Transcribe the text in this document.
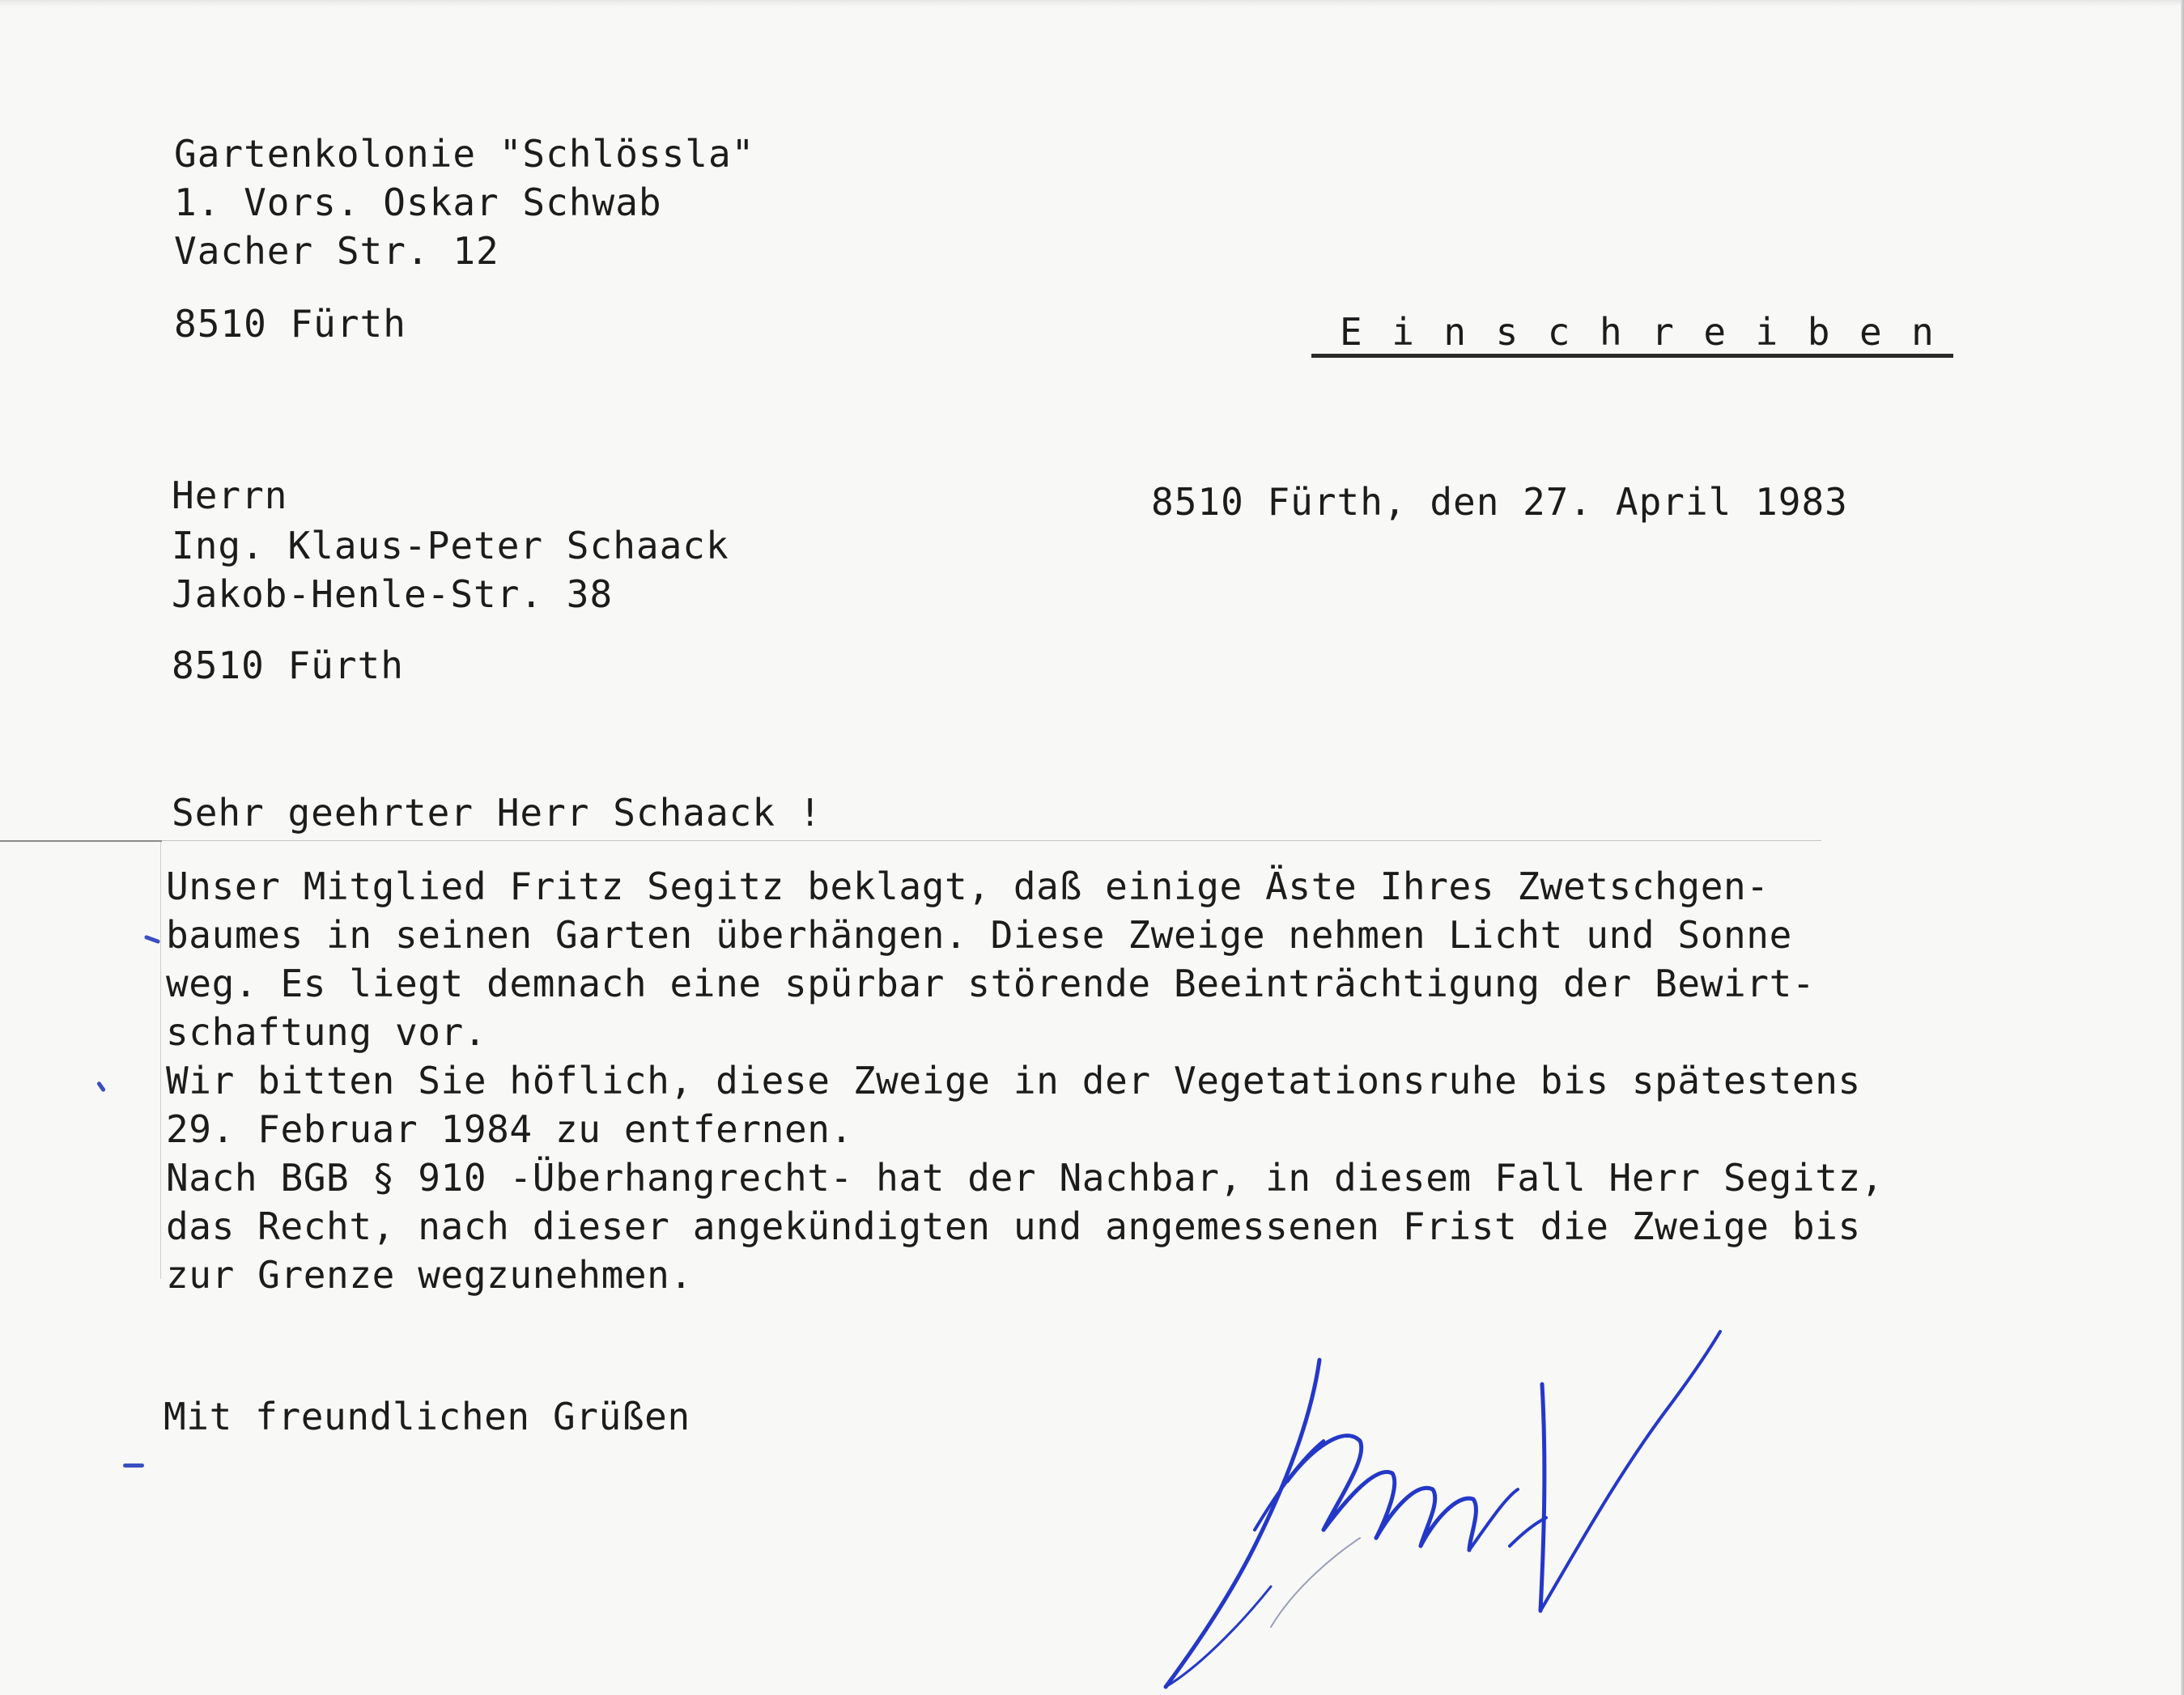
Gartenkolonie "Schlössla"
1. Vors. Oskar Schwab
Vacher Str. 12
8510 Fürth	Einschreiben
Herrn
Ing. Klaus-Peter Schaack
Jakob-Henle-Str. 38
8510 Fürth
8510 Fürth, den 27. April 1983
Sehr geehrter Herr Schaack !
Unser Mitglied Fritz Segitz beklagt, daß einige Äste Ihres Zwetschgen-
baumes in seinen Garten überhängen. Diese Zweige nehmen Licht und Sonne
weg. Es liegt demnach eine spürbar störende Beeinträchtigung der Bewirt-
schaftung vor.
Wir bitten Sie höflich, diese Zweige in der Vegetationsruhe bis spätestens
29. Februar 1984 zu entfernen.
Nach BGB § 910 -Überhangrecht- hat der Nachbar, in diesem Fall Herr Segitz,
das Recht, nach dieser angekündigten und angemessenen Frist die Zweige bis
zur Grenze wegzunehmen.
Mit freundlichen Grüßen
